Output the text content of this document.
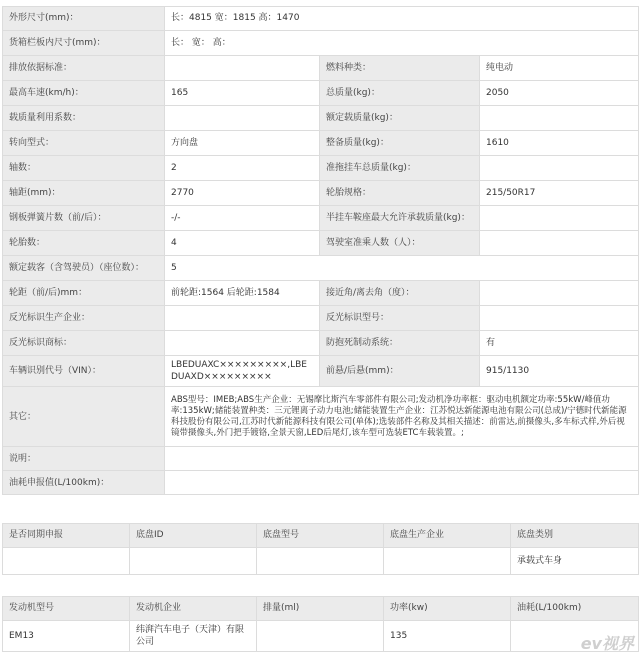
外形尺寸(mm)：	长：4815 宽：1815 高：1470		
货箱栏板内尺寸(mm)：	长： 宽： 高：		
排放依据标准：		燃料种类：	纯电动
最高车速(km/h)：	165	总质量(kg)：	2050
载质量利用系数：		额定载质量(kg)：	
转向型式：	方向盘	整备质量(kg)：	1610
轴数：	2	准拖挂车总质量(kg)：	
轴距(mm)：	2770	轮胎规格：	215/50R17
钢板弹簧片数（前/后）：	-/-	半挂车鞍座最大允许承载质量(kg)：	
轮胎数：	4	驾驶室准乘人数（人）：	
额定载客（含驾驶员）（座位数）：	5		
轮距（前/后)mm：	前轮距:1564 后轮距:1584	接近角/离去角（度）：	
反光标识生产企业：		反光标识型号：	
反光标识商标：		防抱死制动系统：	有
车辆识别代号（VIN）：	LBEDUAXC×××××××××,LBEDUAXD×××××××××	前悬/后悬(mm)：	915/1130
其它：	ABS型号：IMEB;ABS生产企业：无锡摩比斯汽车零部件有限公司;发动机净功率框：驱动电机额定功率:55kW/峰值功率:135kW;储能装置种类：三元锂离子动力电池;储能装置生产企业：江苏悦达新能源电池有限公司(总成)/宁德时代新能源科技股份有限公司,江苏时代新能源科技有限公司(单体);选装部件名称及其相关描述：前雷达,前摄像头,多车标式样,外后视镜带摄像头,外门把手镀铬,全景天窗,LED后尾灯,该车型可选装ETC车载装置。;		
说明：			
油耗申报值(L/100km)：			
是否同期申报	底盘ID	底盘型号	底盘生产企业	底盘类别
				承载式车身
发动机型号	发动机企业	排量(ml)	功率(kw)	油耗(L/100km)
EM13	纬湃汽车电子（天津）有限公司		135		ev视界
